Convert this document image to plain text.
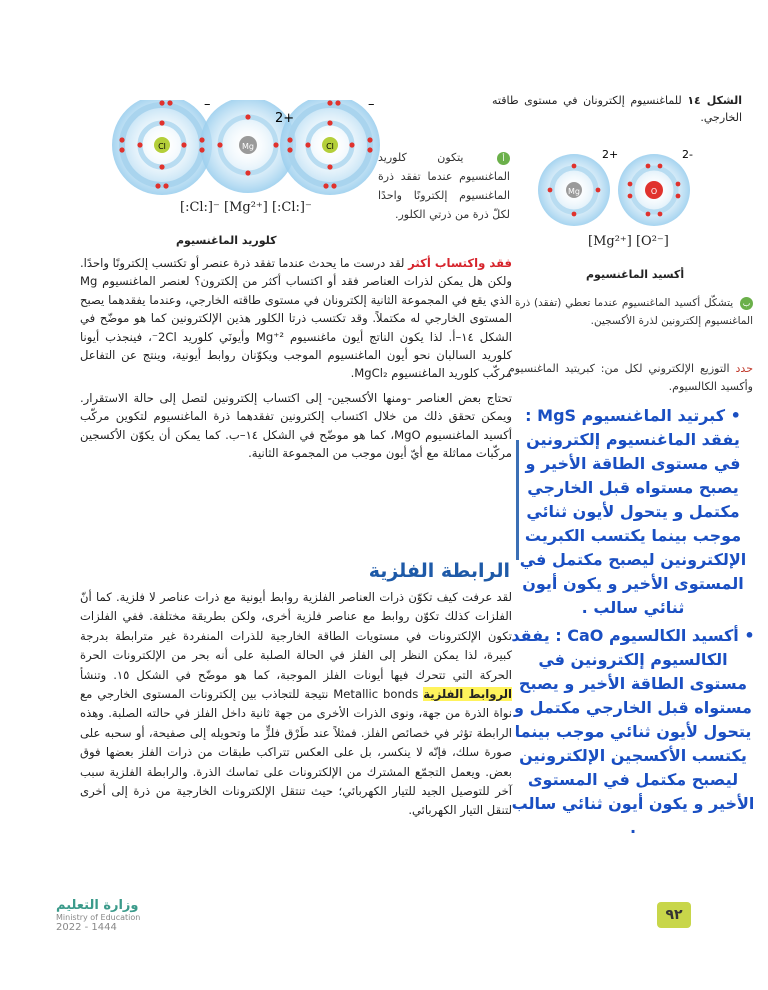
الشكل ١٤ للماغنسيوم إلكترونان في مستوى طاقته الخارجي.
Cl	Mg	Cl
–
2+
–
[:Cl:]⁻ [Mg²⁺] [:Cl:]⁻
كلوريد الماغنسيوم
أ يتكون كلوريد الماغنسيوم عندما تفقد ذرة الماغنسيوم إلكترونًا واحدًا لكلّ ذرة من ذرتي الكلور.
Mg	O
2+	2-
[Mg²⁺] [O²⁻]
أكسيد الماغنسيوم
ب يتشكّل أكسيد الماغنسيوم عندما تعطي (تفقد) ذرة الماغنسيوم إلكترونين لذرة الأكسجين.
حدد التوزيع الإلكتروني لكل من: كبريتيد الماغنسيوم وأكسيد الكالسيوم.

فقد واكتساب أكثر لقد درست ما يحدث عندما تفقد ذرة عنصر أو تكتسب إلكترونًا واحدًا. ولكن هل يمكن لذرات العناصر فقد أو اكتساب أكثر من إلكترون؟ لعنصر الماغنسيوم Mg الذي يقع في المجموعة الثانية إلكترونان في مستوى طاقته الخارجي، وعندما يفقدهما يصبح المستوى الخارجي له مكتملاً. وقد تكتسب ذرتا الكلور هذين الإلكترونين كما هو موضّح في الشكل ١٤–أ. لذا يكون الناتج أيون ماغنسيوم Mg⁺² وأيونَي كلوريد 2Cl⁻، فينجذب أيونا كلوريد السالبان نحو أيون الماغنسيوم الموجب ويكوّنان روابط أيونية، وينتج عن التفاعل مركّب كلوريد الماغنسيوم MgCl₂.

تحتاج بعض العناصر -ومنها الأكسجين- إلى اكتساب إلكترونين لتصل إلى حالة الاستقرار. ويمكن تحقق ذلك من خلال اكتساب إلكترونين تفقدهما ذرة الماغنسيوم لتكوين مركّب أكسيد الماغنسيوم MgO، كما هو موضّح في الشكل ١٤–ب. كما يمكن أن يكوّن الأكسجين مركّبات مماثلة مع أيّ أيون موجب من المجموعة الثانية.

الرابطة الفلزية
لقد عرفت كيف تكوّن ذرات العناصر الفلزية روابط أيونية مع ذرات عناصر لا فلزية. كما أنّ الفلزات كذلك تكوّن روابط مع عناصر فلزية أخرى، ولكن بطريقة مختلفة. ففي الفلزات تكون الإلكترونات في مستويات الطاقة الخارجية للذرات المنفردة غير مترابطة بدرجة كبيرة، لذا يمكن النظر إلى الفلز في الحالة الصلبة على أنه بحر من الإلكترونات الحرة الحركة التي تتحرك فيها أيونات الفلز الموجبة، كما هو موضّح في الشكل ١٥. وتنشأ الروابط الفلزية Metallic bonds نتيجة للتجاذب بين إلكترونات المستوى الخارجي مع نواة الذرة من جهة، ونوى الذرات الأخرى من جهة ثانية داخل الفلز في حالته الصلبة. وهذه الرابطة تؤثر في خصائص الفلز. فمثلاً عند طَرْق فلزٍّ ما وتحويله إلى صفيحة، أو سحبه على صورة سلك، فإنّه لا ينكسر، بل على العكس تتراكب طبقات من ذرات الفلز بعضها فوق بعض. ويعمل التجمّع المشترك من الإلكترونات على تماسك الذرة. والرابطة الفلزية سبب آخر للتوصيل الجيد للتيار الكهربائي؛ حيث تنتقل الإلكترونات الخارجية من ذرة إلى أخرى لتنقل التيار الكهربائي.
• كبرتيد الماغنسيوم MgS : يفقد الماغنسيوم إلكترونين في مستوى الطاقة الأخير و يصبح مستواه قبل الخارجي مكتمل و يتحول لأيون ثنائي موجب بينما يكتسب الكبريت الإلكترونين ليصبح مكتمل في المستوى الأخير و يكون أيون ثنائي سالب .
• أكسيد الكالسيوم CaO : يفقد الكالسيوم إلكترونين في مستوى الطاقة الأخير و يصبح مستواه قبل الخارجي مكتمل و يتحول لأيون ثنائي موجب بينما يكتسب الأكسجين الإلكترونين ليصبح مكتمل في المستوى الأخير و يكون أيون ثنائي سالب .
وزارة التعليم
Ministry of Education
2022 - 1444
٩٢
